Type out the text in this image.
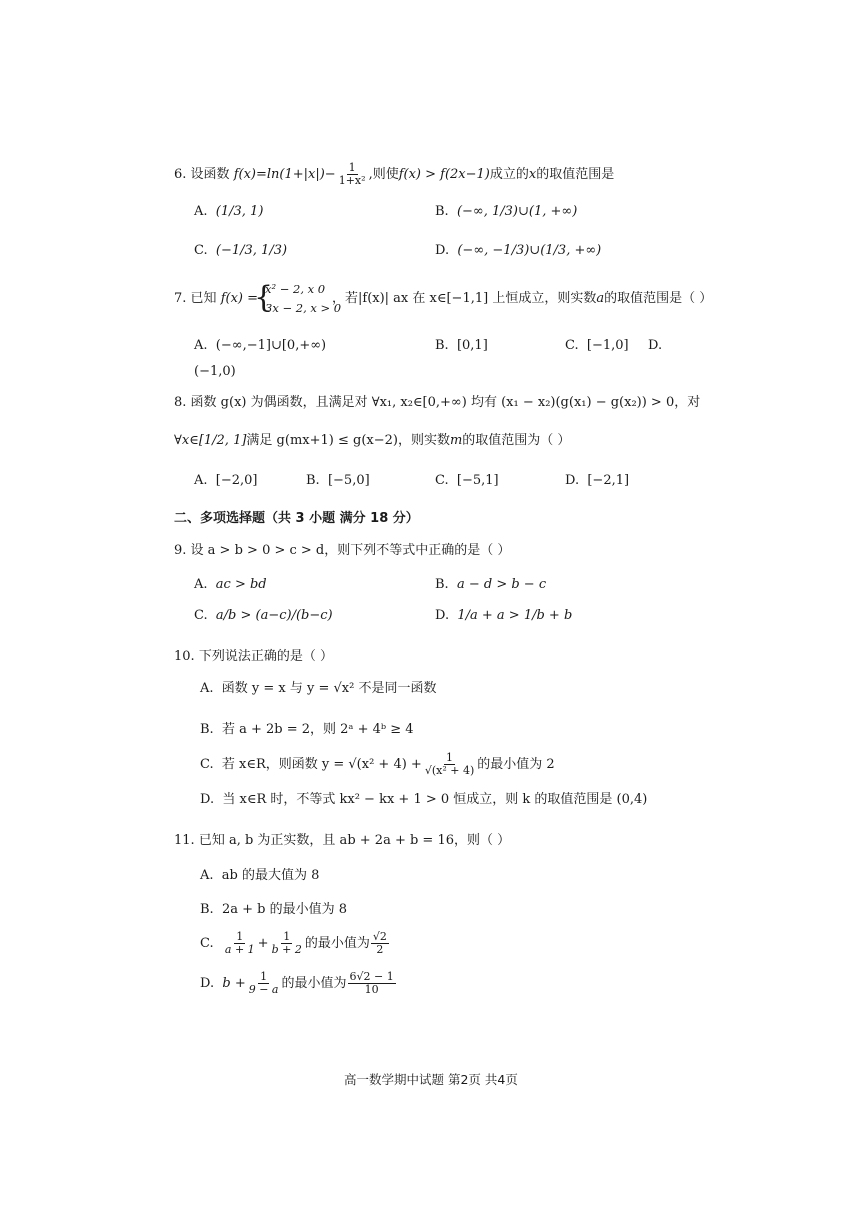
6. 设函数 $f(x)=\ln(1+|x|)- \frac{1}{\text{1+x²}}$ ,则使f(x) > f(2x−1)成立的x的取值范围是
A. (1/3, 1)	B. (−∞, 1/3)∪(1, +∞)
C. (−1/3, 1/3)	D. (−∞, −1/3)∪(1/3, +∞)
7. 已知 f(x) =
{
x² − 2, x 0
3x − 2, x > 0
，若|f(x)| ax 在 x∈[−1,1] 上恒成立，则实数a的取值范围是（ ）
A. (−∞,−1]∪[0,+∞)	B. [0,1]	C. [−1,0] D.
(−1,0)
8. 函数 g(x) 为偶函数，且满足对 ∀x₁, x₂∈[0,+∞) 均有 (x₁ − x₂)(g(x₁) − g(x₂)) > 0，对
∀x∈[1/2, 1]满足 g(mx+1) ≤ g(x−2)，则实数m的取值范围为（ ）
A. [−2,0]	B. [−5,0]	C. [−5,1]	D. [−2,1]
二、多项选择题（共 3 小题 满分 18 分）
9. 设 a > b > 0 > c > d，则下列不等式中正确的是（ ）
A. ac > bd	B. a − d > b − c
C. a/b > (a−c)/(b−c)	D. 1/a + a > 1/b + b
10. 下列说法正确的是（ ）
A. 函数 y = x 与 y = √x² 不是同一函数
B. 若 a + 2b = 2，则 2ᵃ + 4ᵇ ≥ 4
C. 若 x∈R，则函数 $y = √(x^2 + 4) + \frac{1}{\text{√(x² + 4)}}$ 的最小值为 2
D. 当 x∈R 时，不等式 kx² − kx + 1 > 0 恒成立，则 k 的取值范围是 (0,4)
11. 已知 a, b 为正实数，且 ab + 2a + b = 16，则（ ）
A. ab 的最大值为 8
B. 2a + b 的最小值为 8
C. $\frac{1}{a + 1} + \frac{1}{b + 2}$ 的最小值为 $\frac{√2}{2}$
D. $b + \frac{1}{9 - a}$ 的最小值为 $\frac{6√2 - 1}{10}$
高一数学期中试题 第2页 共4页
